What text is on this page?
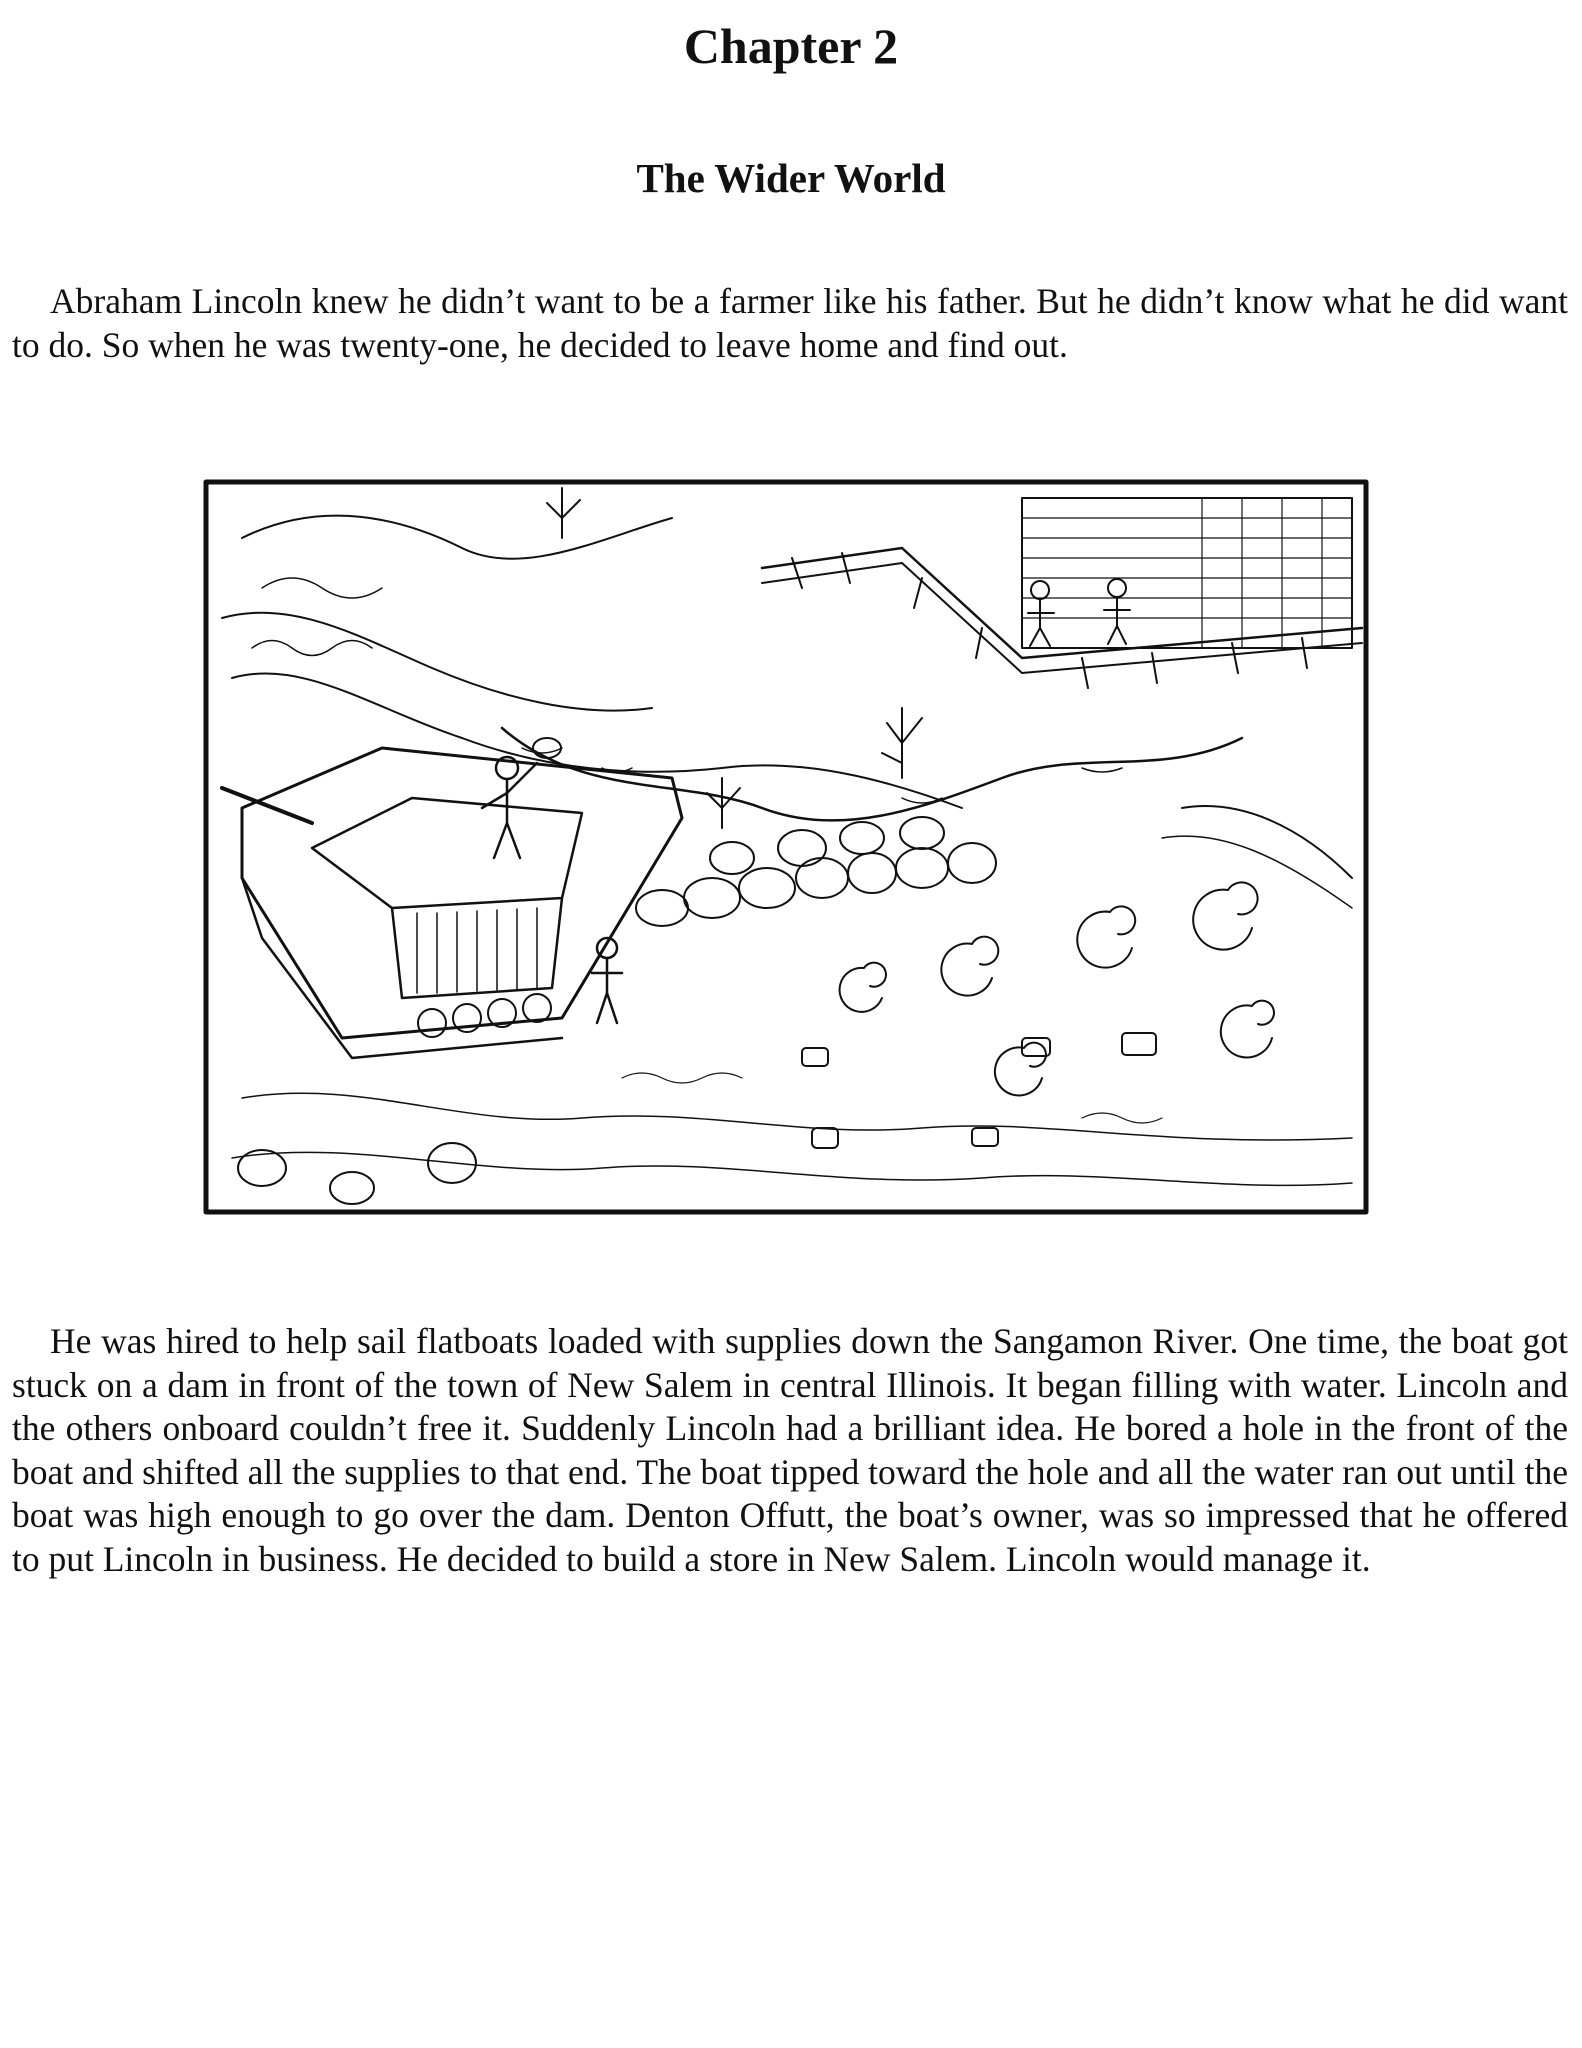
Chapter 2
The Wider World

Abraham Lincoln knew he didn’t want to be a farmer like his father. But he didn’t know what he did want to do. So when he was twenty-one, he decided to leave home and find out.

He was hired to help sail flatboats loaded with supplies down the Sangamon River. One time, the boat got stuck on a dam in front of the town of New Salem in central Illinois. It began filling with water. Lincoln and the others onboard couldn’t free it. Suddenly Lincoln had a brilliant idea. He bored a hole in the front of the boat and shifted all the supplies to that end. The boat tipped toward the hole and all the water ran out until the boat was high enough to go over the dam. Denton Offutt, the boat’s owner, was so impressed that he offered to put Lincoln in business. He decided to build a store in New Salem. Lincoln would manage it.
